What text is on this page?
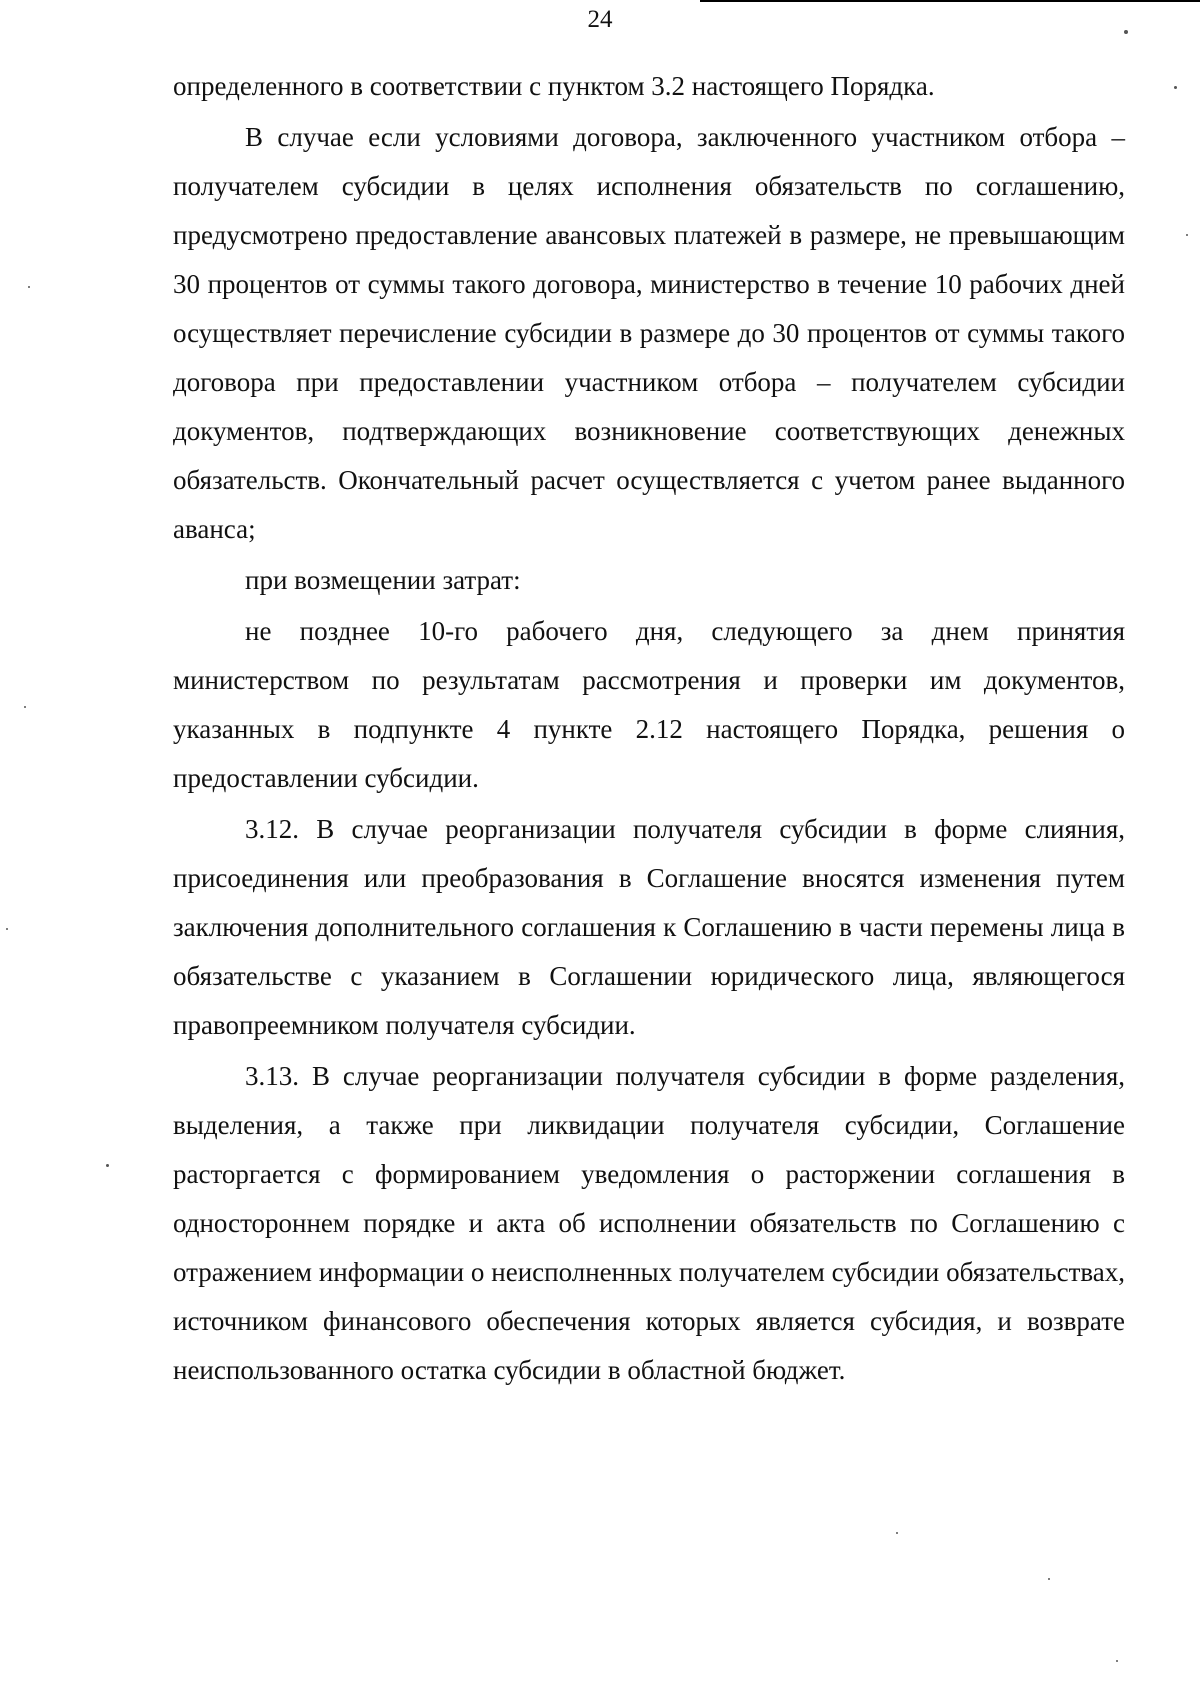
24

определенного в соответствии с пунктом 3.2 настоящего Порядка.

В случае если условиями договора, заключенного участником отбора – получателем субсидии в целях исполнения обязательств по соглашению, предусмотрено предоставление авансовых платежей в размере, не превышающим 30 процентов от суммы такого договора, министерство в течение 10 рабочих дней осуществляет перечисление субсидии в размере до 30 процентов от суммы такого договора при предоставлении участником отбора – получателем субсидии документов, подтверждающих возникновение соответствующих денежных обязательств. Окончательный расчет осуществляется с учетом ранее выданного аванса;

при возмещении затрат:

не позднее 10-го рабочего дня, следующего за днем принятия министерством по результатам рассмотрения и проверки им документов, указанных в подпункте 4 пункте 2.12 настоящего Порядка, решения о предоставлении субсидии.

3.12. В случае реорганизации получателя субсидии в форме слияния, присоединения или преобразования в Соглашение вносятся изменения путем заключения дополнительного соглашения к Соглашению в части перемены лица в обязательстве с указанием в Соглашении юридического лица, являющегося правопреемником получателя субсидии.

3.13. В случае реорганизации получателя субсидии в форме разделения, выделения, а также при ликвидации получателя субсидии, Соглашение расторгается с формированием уведомления о расторжении соглашения в одностороннем порядке и акта об исполнении обязательств по Соглашению с отражением информации о неисполненных получателем субсидии обязательствах, источником финансового обеспечения которых является субсидия, и возврате неиспользованного остатка субсидии в областной бюджет.
